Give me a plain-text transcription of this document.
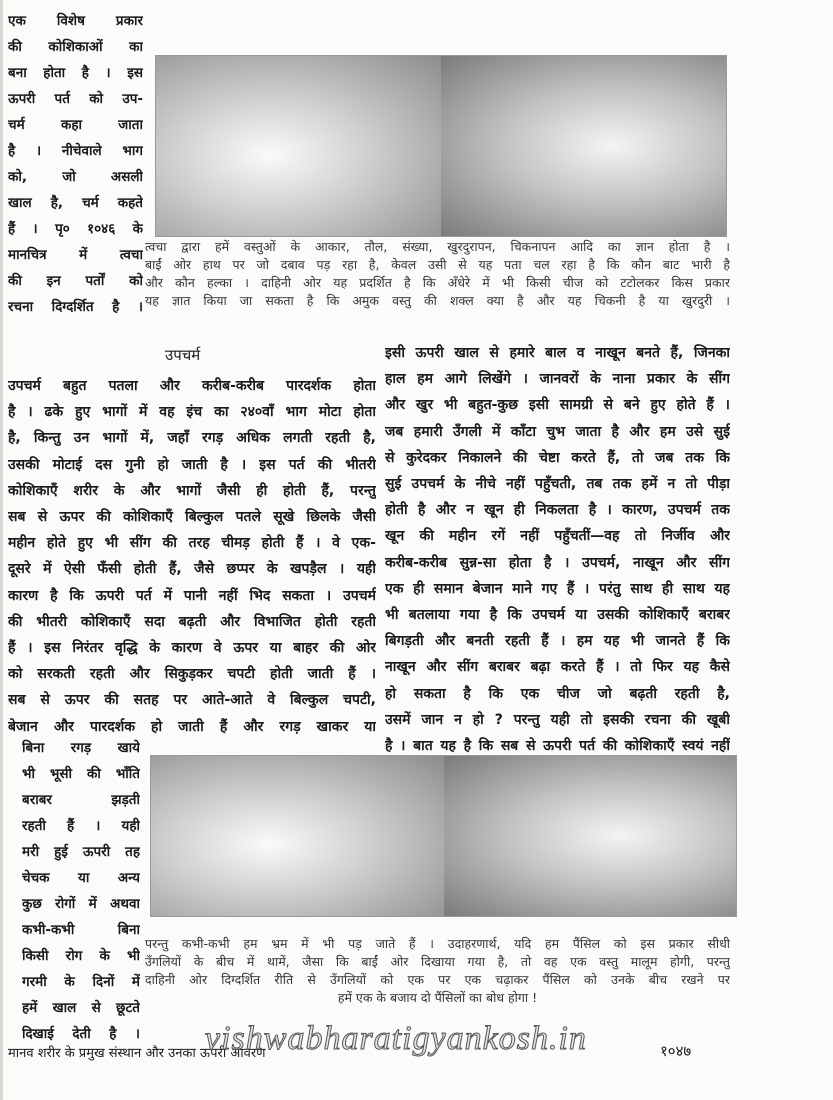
एक विशेष प्रकार
की कोशिकाओं का
बना होता है । इस
ऊपरी पर्त को उप-
चर्म कहा जाता
है । नीचेवाले भाग
को, जो असली
खाल है, चर्म कहते
हैं । पृ० १०४६ के
मानचित्र में त्वचा
की इन पर्तों को
रचना दिग्दर्शित है ।
त्वचा द्वारा हमें वस्तुओं के आकार, तौल, संख्या, खुरदुरापन, चिकनापन आदि का ज्ञान होता है ।
बाईं ओर हाथ पर जो दबाव पड़ रहा है, केवल उसी से यह पता चल रहा है कि कौन बाट भारी है
और कौन हल्का । दाहिनी ओर यह प्रदर्शित है कि अँधेरे में भी किसी चीज को टटोलकर किस प्रकार
यह ज्ञात किया जा सकता है कि अमुक वस्तु की शक्ल क्या है और यह चिकनी है या खुरदुरी ।
उपचर्म
उपचर्म बहुत पतला और करीब-करीब पारदर्शक होता
है । ढके हुए भागों में वह इंच का २४०वाँ भाग मोटा होता
है, किन्तु उन भागों में, जहाँ रगड़ अधिक लगती रहती है,
उसकी मोटाई दस गुनी हो जाती है । इस पर्त की भीतरी
कोशिकाएँ शरीर के और भागों जैसी ही होती हैं, परन्तु
सब से ऊपर की कोशिकाएँ बिल्कुल पतले सूखे छिलके जैसी
महीन होते हुए भी सींग की तरह चीमड़ होती हैं । वे एक-
दूसरे में ऐसी फँसी होती हैं, जैसे छप्पर के खपड़ैल । यही
कारण है कि ऊपरी पर्त में पानी नहीं भिद सकता । उपचर्म
की भीतरी कोशिकाएँ सदा बढ़ती और विभाजित होती रहती
हैं । इस निरंतर वृद्धि के कारण वे ऊपर या बाहर की ओर
को सरकती रहती और सिकुड़कर चपटी होती जाती हैं ।
सब से ऊपर की सतह पर आते-आते वे बिल्कुल चपटी,
बेजान और पारदर्शक हो जाती हैं और रगड़ खाकर या
इसी ऊपरी खाल से हमारे बाल व नाखून बनते हैं, जिनका
हाल हम आगे लिखेंगे । जानवरों के नाना प्रकार के सींग
और खुर भी बहुत-कुछ इसी सामग्री से बने हुए होते हैं ।
जब हमारी उँगली में काँटा चुभ जाता है और हम उसे सुई
से कुरेदकर निकालने की चेष्टा करते हैं, तो जब तक कि
सुई उपचर्म के नीचे नहीं पहुँचती, तब तक हमें न तो पीड़ा
होती है और न खून ही निकलता है । कारण, उपचर्म तक
खून की महीन रगें नहीं पहुँचतीं—वह तो निर्जीव और
करीब-करीब सुन्न-सा होता है । उपचर्म, नाखून और सींग
एक ही समान बेजान माने गए हैं । परंतु साथ ही साथ यह
भी बतलाया गया है कि उपचर्म या उसकी कोशिकाएँ बराबर
बिगड़ती और बनती रहती हैं । हम यह भी जानते हैं कि
नाखून और सींग बराबर बढ़ा करते हैं । तो फिर यह कैसे
हो सकता है कि एक चीज जो बढ़ती रहती है,
उसमें जान न हो ? परन्तु यही तो इसकी रचना की खूबी
है । बात यह है कि सब से ऊपरी पर्त की कोशिकाएँ स्वयं नहीं
बिना रगड़ खाये
भी भूसी की भाँति
बराबर झड़ती
रहती हैं । यही
मरी हुई ऊपरी तह
चेचक या अन्य
कुछ रोगों में अथवा
कभी-कभी बिना
किसी रोग के भी
गरमी के दिनों में
हमें खाल से छूटते
दिखाई देती है ।
परन्तु कभी-कभी हम भ्रम में भी पड़ जाते हैं । उदाहरणार्थ, यदि हम पैंसिल को इस प्रकार सीधी
उँगलियों के बीच में थामें, जैसा कि बाईं ओर दिखाया गया है, तो वह एक वस्तु मालूम होगी, परन्तु
दाहिनी ओर दिग्दर्शित रीति से उँगलियों को एक पर एक चढ़ाकर पैंसिल को उनके बीच रखने पर
हमें एक के बजाय दो पैंसिलों का बोध होगा !
मानव शरीर के प्रमुख संस्थान और उनका ऊपरी आवरण
vishwabharatigyankosh.in	१०४७
